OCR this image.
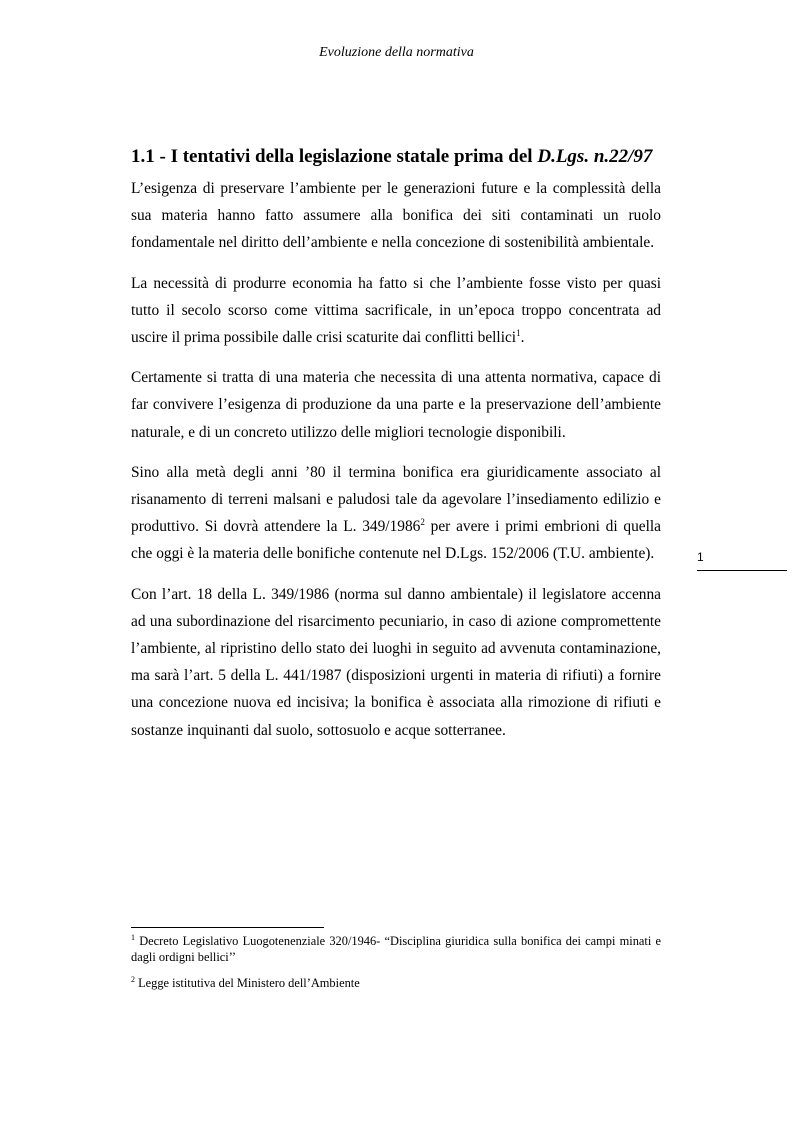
Evoluzione della normativa
1.1 - I tentativi della legislazione statale prima del D.Lgs. n.22/97

L’esigenza di preservare l’ambiente per le generazioni future e la complessità della sua materia hanno fatto assumere alla bonifica dei siti contaminati un ruolo fondamentale nel diritto dell’ambiente e nella concezione di sostenibilità ambientale.

La necessità di produrre economia ha fatto si che l’ambiente fosse visto per quasi tutto il secolo scorso come vittima sacrificale, in un’epoca troppo concentrata ad uscire il prima possibile dalle crisi scaturite dai conflitti bellici$^1$.

Certamente si tratta di una materia che necessita di una attenta normativa, capace di far convivere l’esigenza di produzione da una parte e la preservazione dell’ambiente naturale, e di un concreto utilizzo delle migliori tecnologie disponibili.

Sino alla metà degli anni ’80 il termina bonifica era giuridicamente associato al risanamento di terreni malsani e paludosi tale da agevolare l’insediamento edilizio e produttivo. Si dovrà attendere la L. 349/1986$^2$ per avere i primi embrioni di quella che oggi è la materia delle bonifiche contenute nel D.Lgs. 152/2006 (T.U. ambiente).

Con l’art. 18 della L. 349/1986 (norma sul danno ambientale) il legislatore accenna ad una subordinazione del risarcimento pecuniario, in caso di azione compromettente l’ambiente, al ripristino dello stato dei luoghi in seguito ad avvenuta contaminazione, ma sarà l’art. 5 della L. 441/1987 (disposizioni urgenti in materia di rifiuti) a fornire una concezione nuova ed incisiva; la bonifica è associata alla rimozione di rifiuti e sostanze inquinanti dal suolo, sottosuolo e acque sotterranee.

1

$^1$ Decreto Legislativo Luogotenenziale 320/1946- “Disciplina giuridica sulla bonifica dei campi minati e dagli ordigni bellici’’

$^2$ Legge istitutiva del Ministero dell’Ambiente
